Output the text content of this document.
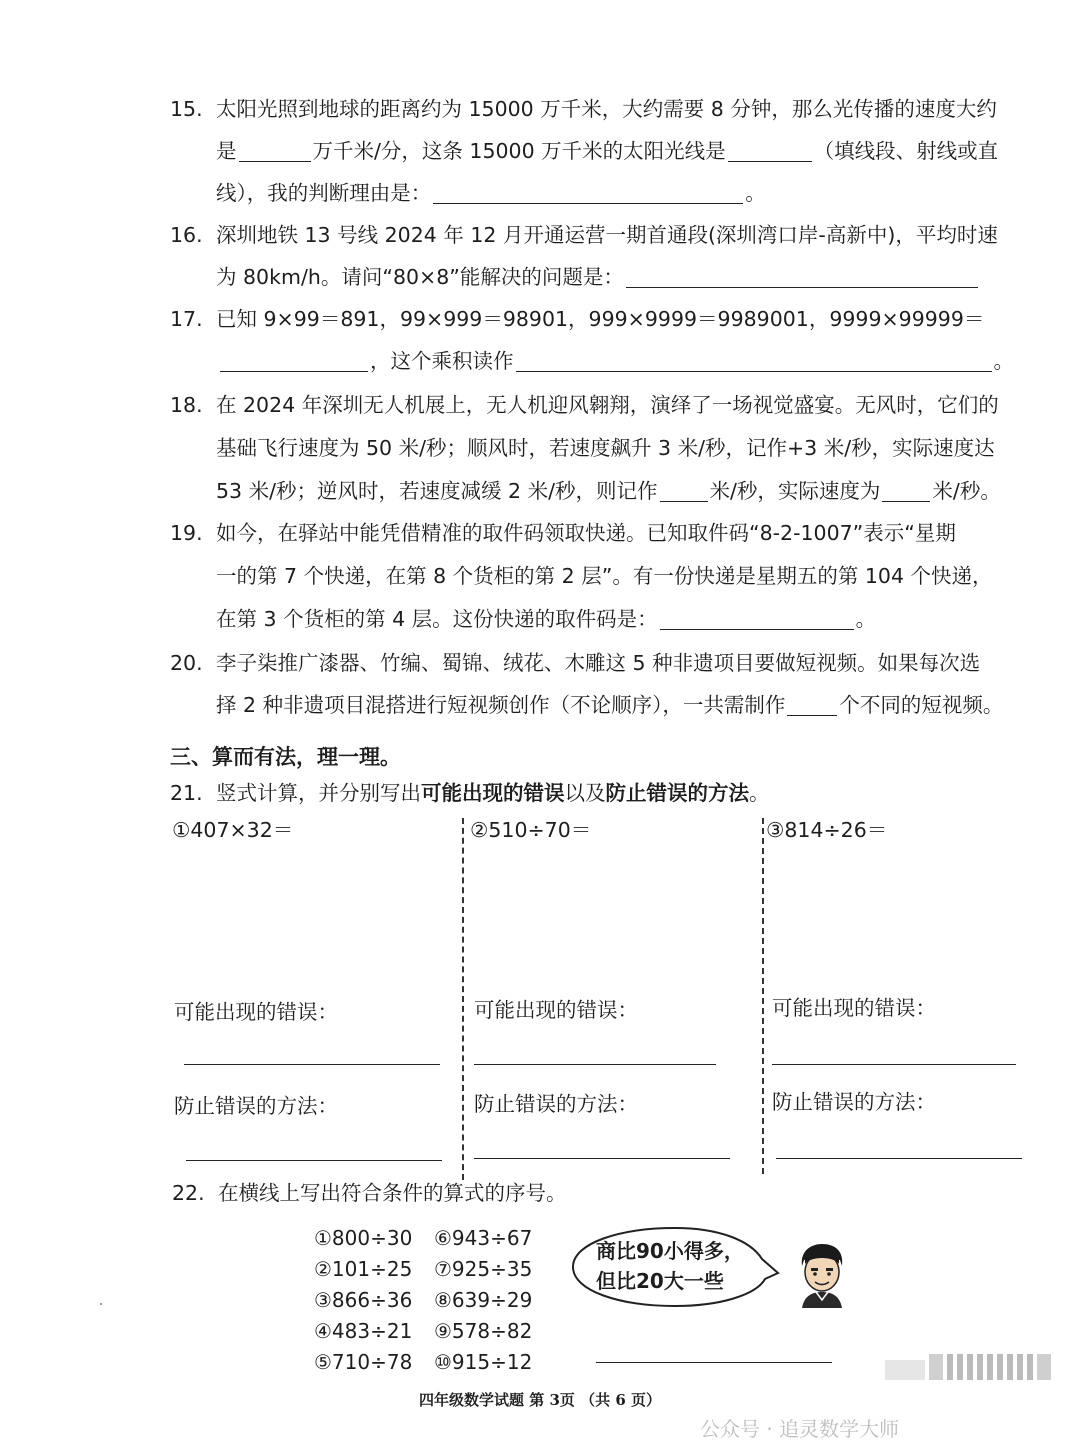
15. 太阳光照到地球的距离约为 15000 万千米，大约需要 8 分钟，那么光传播的速度大约
是	万千米/分，这条 15000 万千米的太阳光线是	（填线段、射线或直
线），我的判断理由是：	。
16. 深圳地铁 13 号线 2024 年 12 月开通运营一期首通段(深圳湾口岸-高新中)，平均时速
为 80km/h。请问“80×8”能解决的问题是：
17. 已知 9×99＝891，99×999＝98901，999×9999＝9989001，9999×99999＝
，这个乘积读作	。
18. 在 2024 年深圳无人机展上，无人机迎风翱翔，演绎了一场视觉盛宴。无风时，它们的
基础飞行速度为 50 米/秒；顺风时，若速度飙升 3 米/秒，记作+3 米/秒，实际速度达
53 米/秒；逆风时，若速度减缓 2 米/秒，则记作	米/秒，实际速度为	米/秒。
19. 如今，在驿站中能凭借精准的取件码领取快递。已知取件码“8-2-1007”表示“星期
一的第 7 个快递，在第 8 个货柜的第 2 层”。有一份快递是星期五的第 104 个快递，
在第 3 个货柜的第 4 层。这份快递的取件码是：	。
20. 李子柒推广漆器、竹编、蜀锦、绒花、木雕这 5 种非遗项目要做短视频。如果每次选
择 2 种非遗项目混搭进行短视频创作（不论顺序），一共需制作	个不同的短视频。
三、算而有法，理一理。
21. 竖式计算，并分别写出可能出现的错误以及防止错误的方法。
①407×32＝
可能出现的错误：
防止错误的方法：
②510÷70＝
可能出现的错误：
防止错误的方法：
③814÷26＝
可能出现的错误：
防止错误的方法：
22. 在横线上写出符合条件的算式的序号。
①800÷30
②101÷25
③866÷36
④483÷21
⑤710÷78
⑥943÷67
⑦925÷35
⑧639÷29
⑨578÷82
⑩915÷12
商比90小得多，
但比20大一些
四年级数学试题 第 3页 （共 6 页）
公众号 · 追灵数学大师
